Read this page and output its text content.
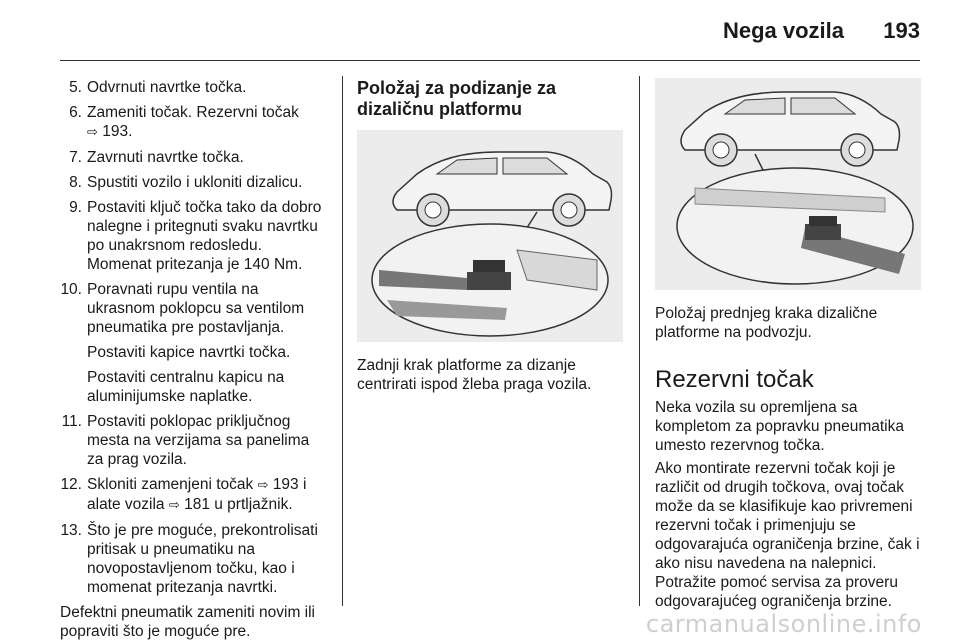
Nega vozila 193
5. Odvrnuti navrtke točka.
6. Zameniti točak. Rezervni točak
⇨ 193.
7. Zavrnuti navrtke točka.
8. Spustiti vozilo i ukloniti dizalicu.
9. Postaviti ključ točka tako da dobro nalegne i pritegnuti svaku navrtku po unakrsnom redosledu. Momenat pritezanja je 140 Nm.
10. Poravnati rupu ventila na ukrasnom poklopcu sa ventilom pneumatika pre postavljanja.
Postaviti kapice navrtki točka.
Postaviti centralnu kapicu na aluminijumske naplatke.
11. Postaviti poklopac priključnog mesta na verzijama sa panelima za prag vozila.
12. Skloniti zamenjeni točak ⇨ 193 i alate vozila ⇨ 181 u prtljažnik.
13. Što je pre moguće, prekontrolisati pritisak u pneumatiku na novopostavljenom točku, kao i momenat pritezanja navrtki.

Defektni pneumatik zameniti novim ili popraviti što je moguće pre.

Položaj za podizanje za dizaličnu platformu

Zadnji krak platforme za dizanje centrirati ispod žleba praga vozila.

Položaj prednjeg kraka dizalične platforme na podvozju.

Rezervni točak

Neka vozila su opremljena sa kompletom za popravku pneumatika umesto rezervnog točka.

Ako montirate rezervni točak koji je različit od drugih točkova, ovaj točak može da se klasifikuje kao privremeni rezervni točak i primenjuju se odgovarajuća ograničenja brzine, čak i ako nisu navedena na nalepnici. Potražite pomoć servisa za proveru odgovarajućeg ograničenja brzine.

carmanualsonline.info
